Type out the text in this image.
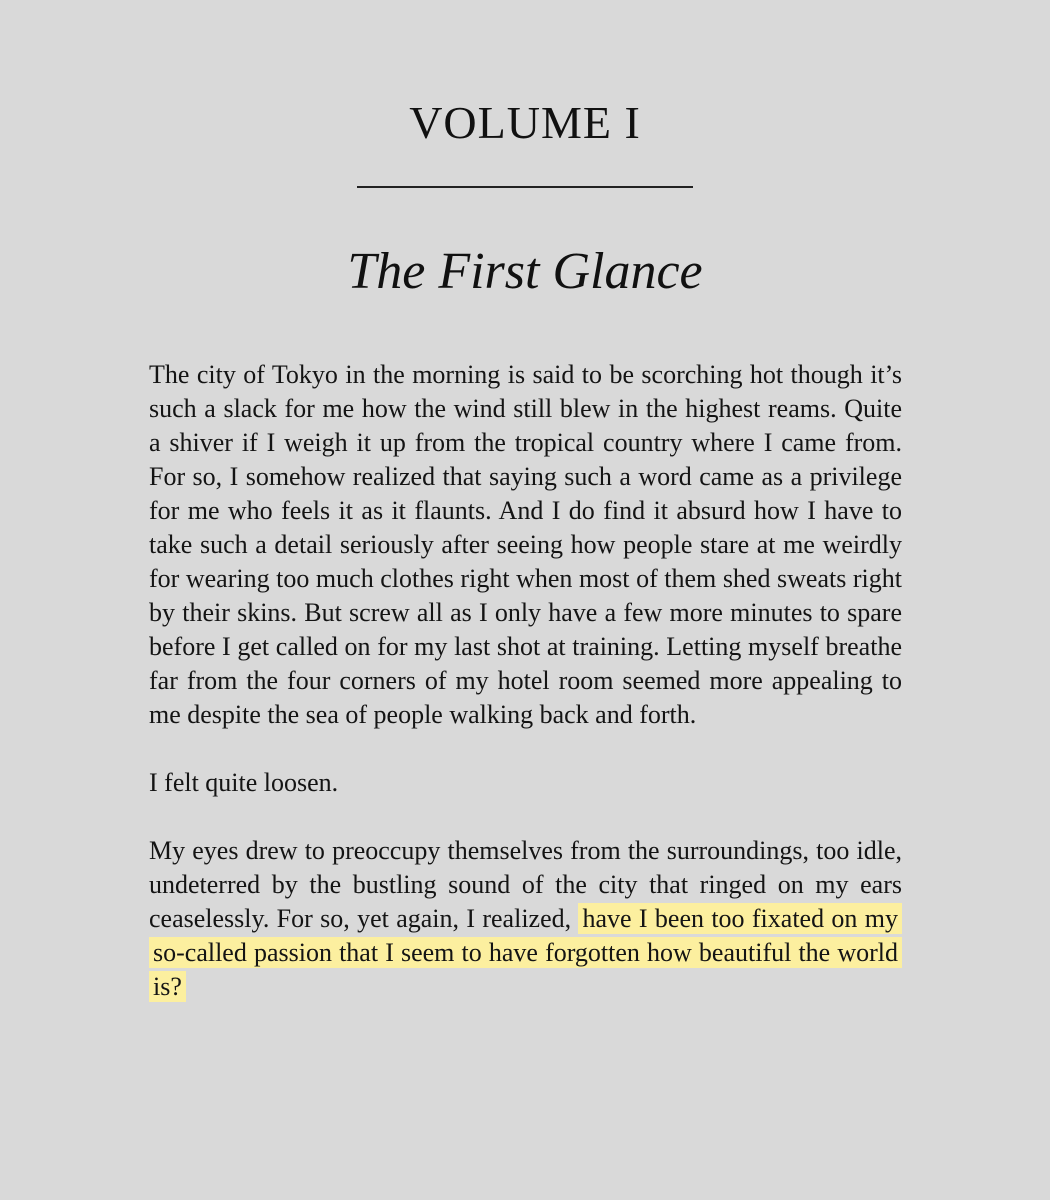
VOLUME I
The First Glance

The city of Tokyo in the morning is said to be scorching hot though it’s such a slack for me how the wind still blew in the highest reams. Quite a shiver if I weigh it up from the tropical country where I came from. For so, I somehow realized that saying such a word came as a privilege for me who feels it as it flaunts. And I do find it absurd how I have to take such a detail seriously after seeing how people stare at me weirdly for wearing too much clothes right when most of them shed sweats right by their skins. But screw all as I only have a few more minutes to spare before I get called on for my last shot at training. Letting myself breathe far from the four corners of my hotel room seemed more appealing to me despite the sea of people walking back and forth.

I felt quite loosen.

My eyes drew to preoccupy themselves from the surroundings, too idle, undeterred by the bustling sound of the city that ringed on my ears ceaselessly. For so, yet again, I realized, have I been too fixated on my so-called passion that I seem to have forgotten how beautiful the world is?
